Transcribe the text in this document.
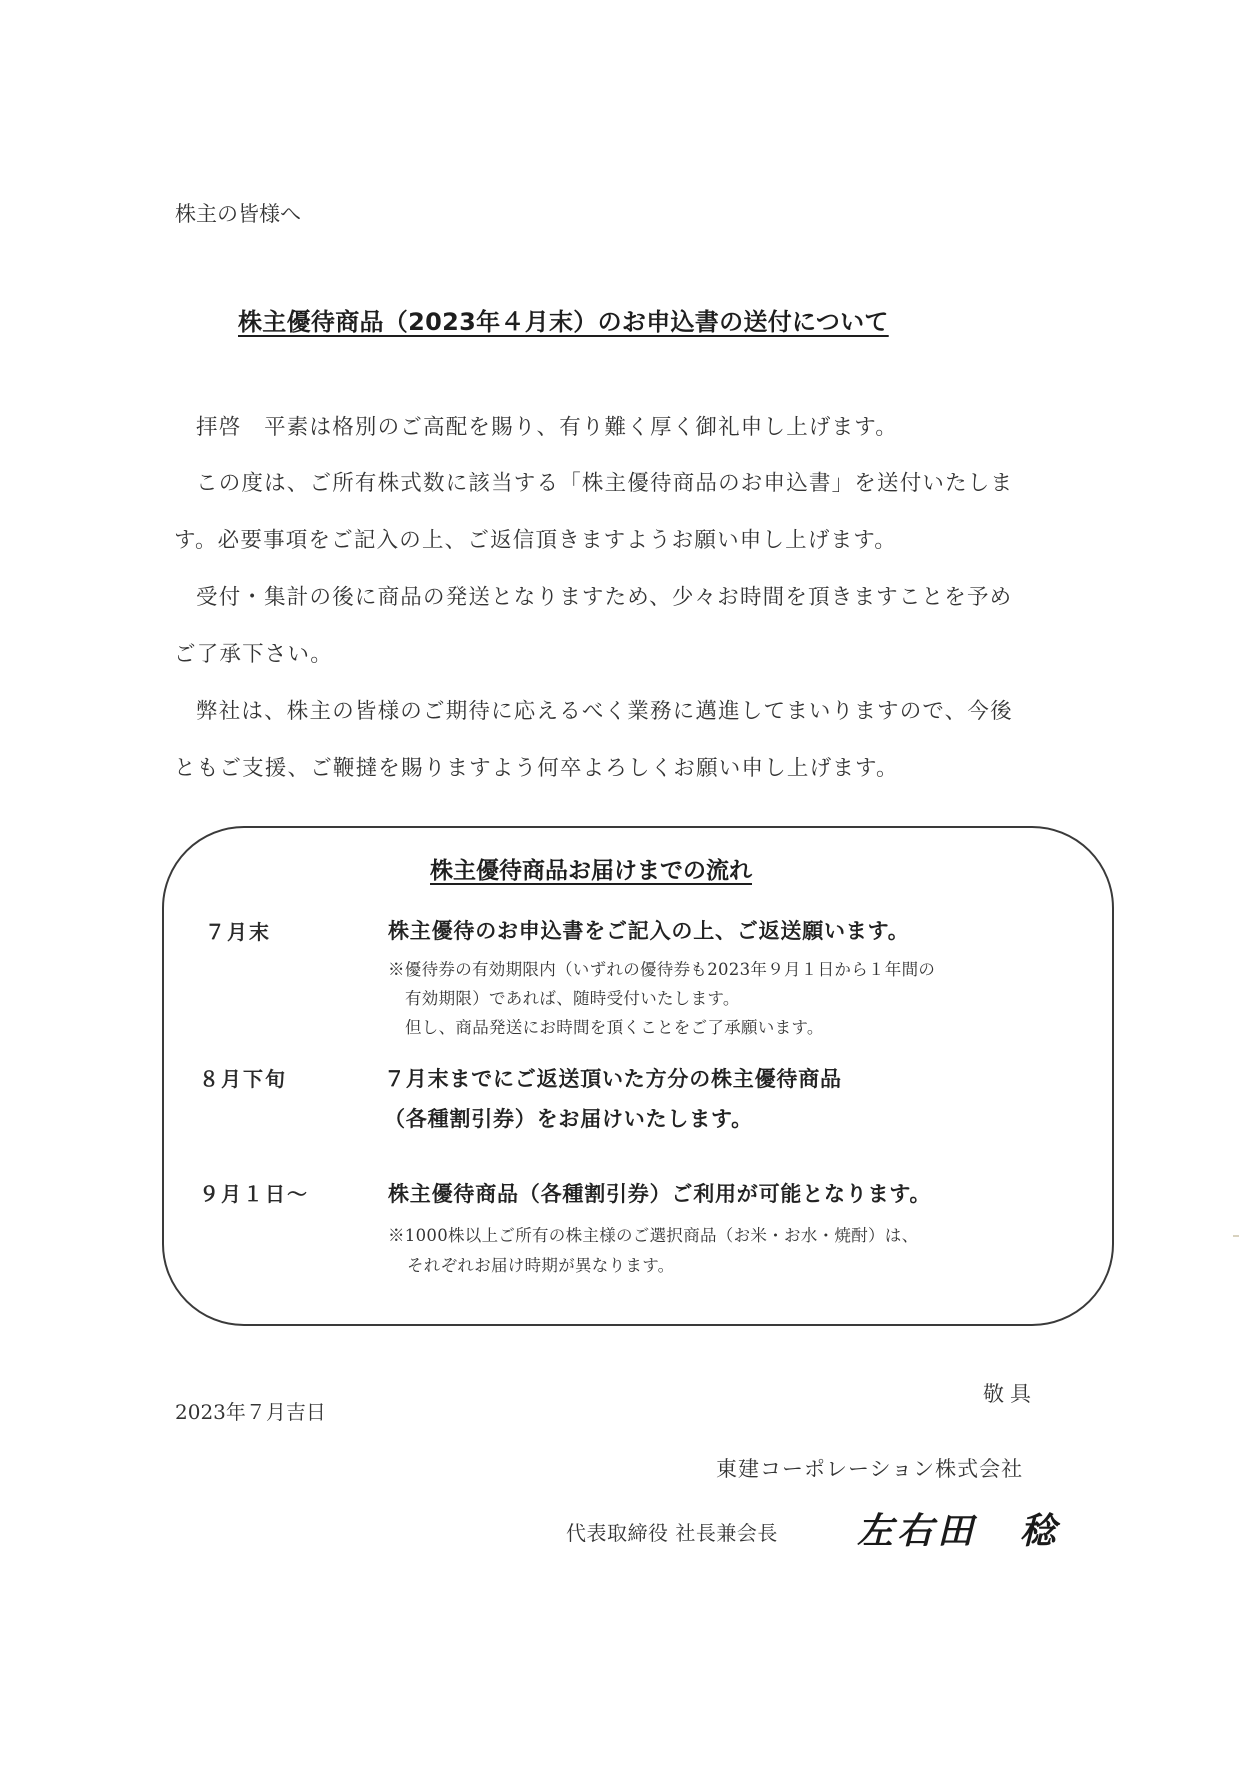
株主の皆様へ
株主優待商品（2023年４月末）のお申込書の送付について
拝啓　平素は格別のご高配を賜り、有り難く厚く御礼申し上げます。
この度は、ご所有株式数に該当する「株主優待商品のお申込書」を送付いたしま
す。必要事項をご記入の上、ご返信頂きますようお願い申し上げます。
受付・集計の後に商品の発送となりますため、少々お時間を頂きますことを予め
ご了承下さい。
弊社は、株主の皆様のご期待に応えるべく業務に邁進してまいりますので、今後
ともご支援、ご鞭撻を賜りますよう何卒よろしくお願い申し上げます。
株主優待商品お届けまでの流れ
７月末	株主優待のお申込書をご記入の上、ご返送願います。
※優待券の有効期限内（いずれの優待券も2023年９月１日から１年間の
有効期限）であれば、随時受付いたします。
但し、商品発送にお時間を頂くことをご了承願います。
８月下旬	７月末までにご返送頂いた方分の株主優待商品
（各種割引券）をお届けいたします。
９月１日～	株主優待商品（各種割引券）ご利用が可能となります。
※1000株以上ご所有の株主様のご選択商品（お米・お水・焼酎）は、
それぞれお届け時期が異なります。
敬具
2023年７月吉日
東建コーポレーション株式会社
代表取締役 社長兼会長 左右田 稔
